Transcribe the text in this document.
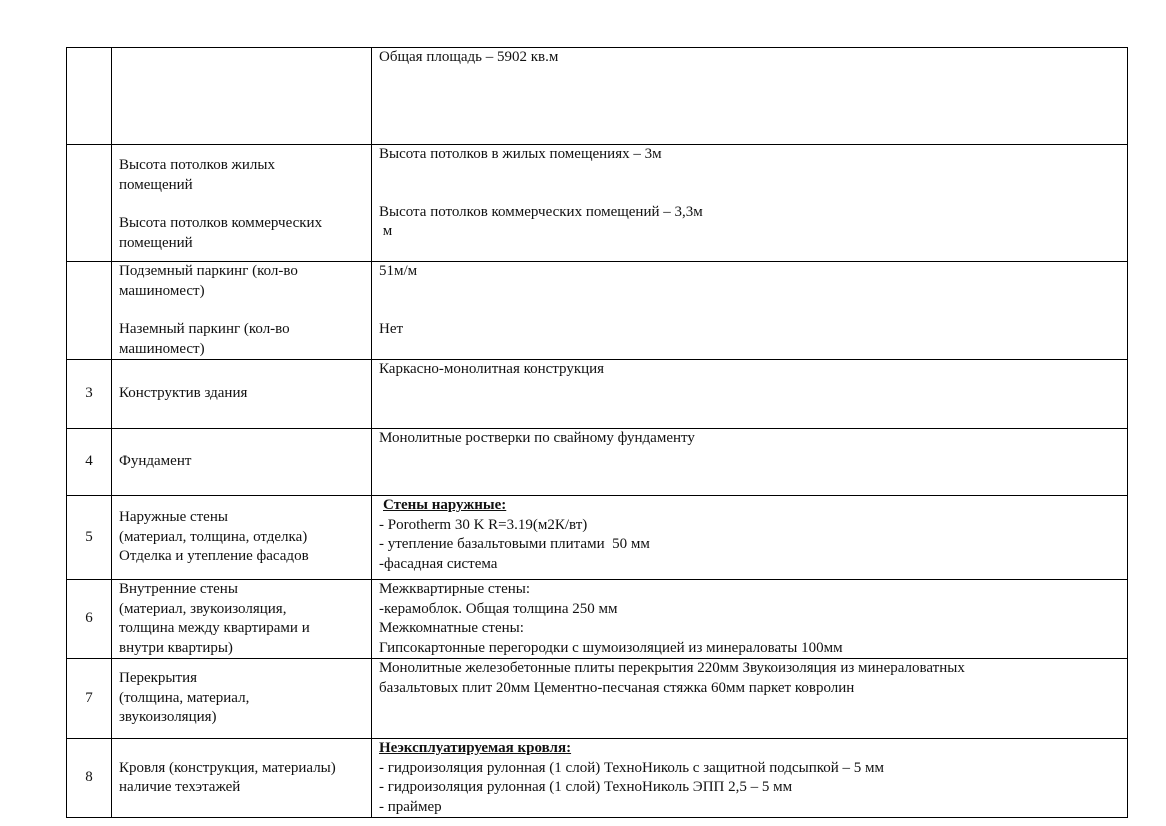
		Общая площадь – 5902 кв.м

	Высота потолков жилых
помещений
Высота потолков коммерческих
помещений	Высота потолков в жилых помещениях – 3м
Высота потолков коммерческих помещений – 3,3м
м

	Подземный паркинг (кол-во
машиномест)
Наземный паркинг (кол-во
машиномест)	51м/м
Нет

3	Конструктив здания	Каркасно-монолитная конструкция

4	Фундамент	Монолитные ростверки по свайному фундаменту

5	Наружные стены
(материал, толщина, отделка)
Отделка и утепление фасадов	Стены наружные:
- Porotherm 30 K R=3.19(м2К/вт)
- утепление базальтовыми плитами  50 мм
-фасадная система

6	Внутренние стены
(материал, звукоизоляция,
толщина между квартирами и
внутри квартиры)	Межквартирные стены:
-керамоблок. Общая толщина 250 мм
Межкомнатные стены:
Гипсокартонные перегородки с шумоизоляцией из минераловаты 100мм

7	Перекрытия
(толщина, материал,
звукоизоляция)	Монолитные железобетонные плиты перекрытия 220мм Звукоизоляция из минераловатных
базальтовых плит 20мм Цементно-песчаная стяжка 60мм паркет ковролин

8	Кровля (конструкция, материалы)
наличие техэтажей	Неэксплуатируемая кровля:
- гидроизоляция рулонная (1 слой) ТехноНиколь с защитной подсыпкой – 5 мм
- гидроизоляция рулонная (1 слой) ТехноНиколь ЭПП 2,5 – 5 мм
- праймер
